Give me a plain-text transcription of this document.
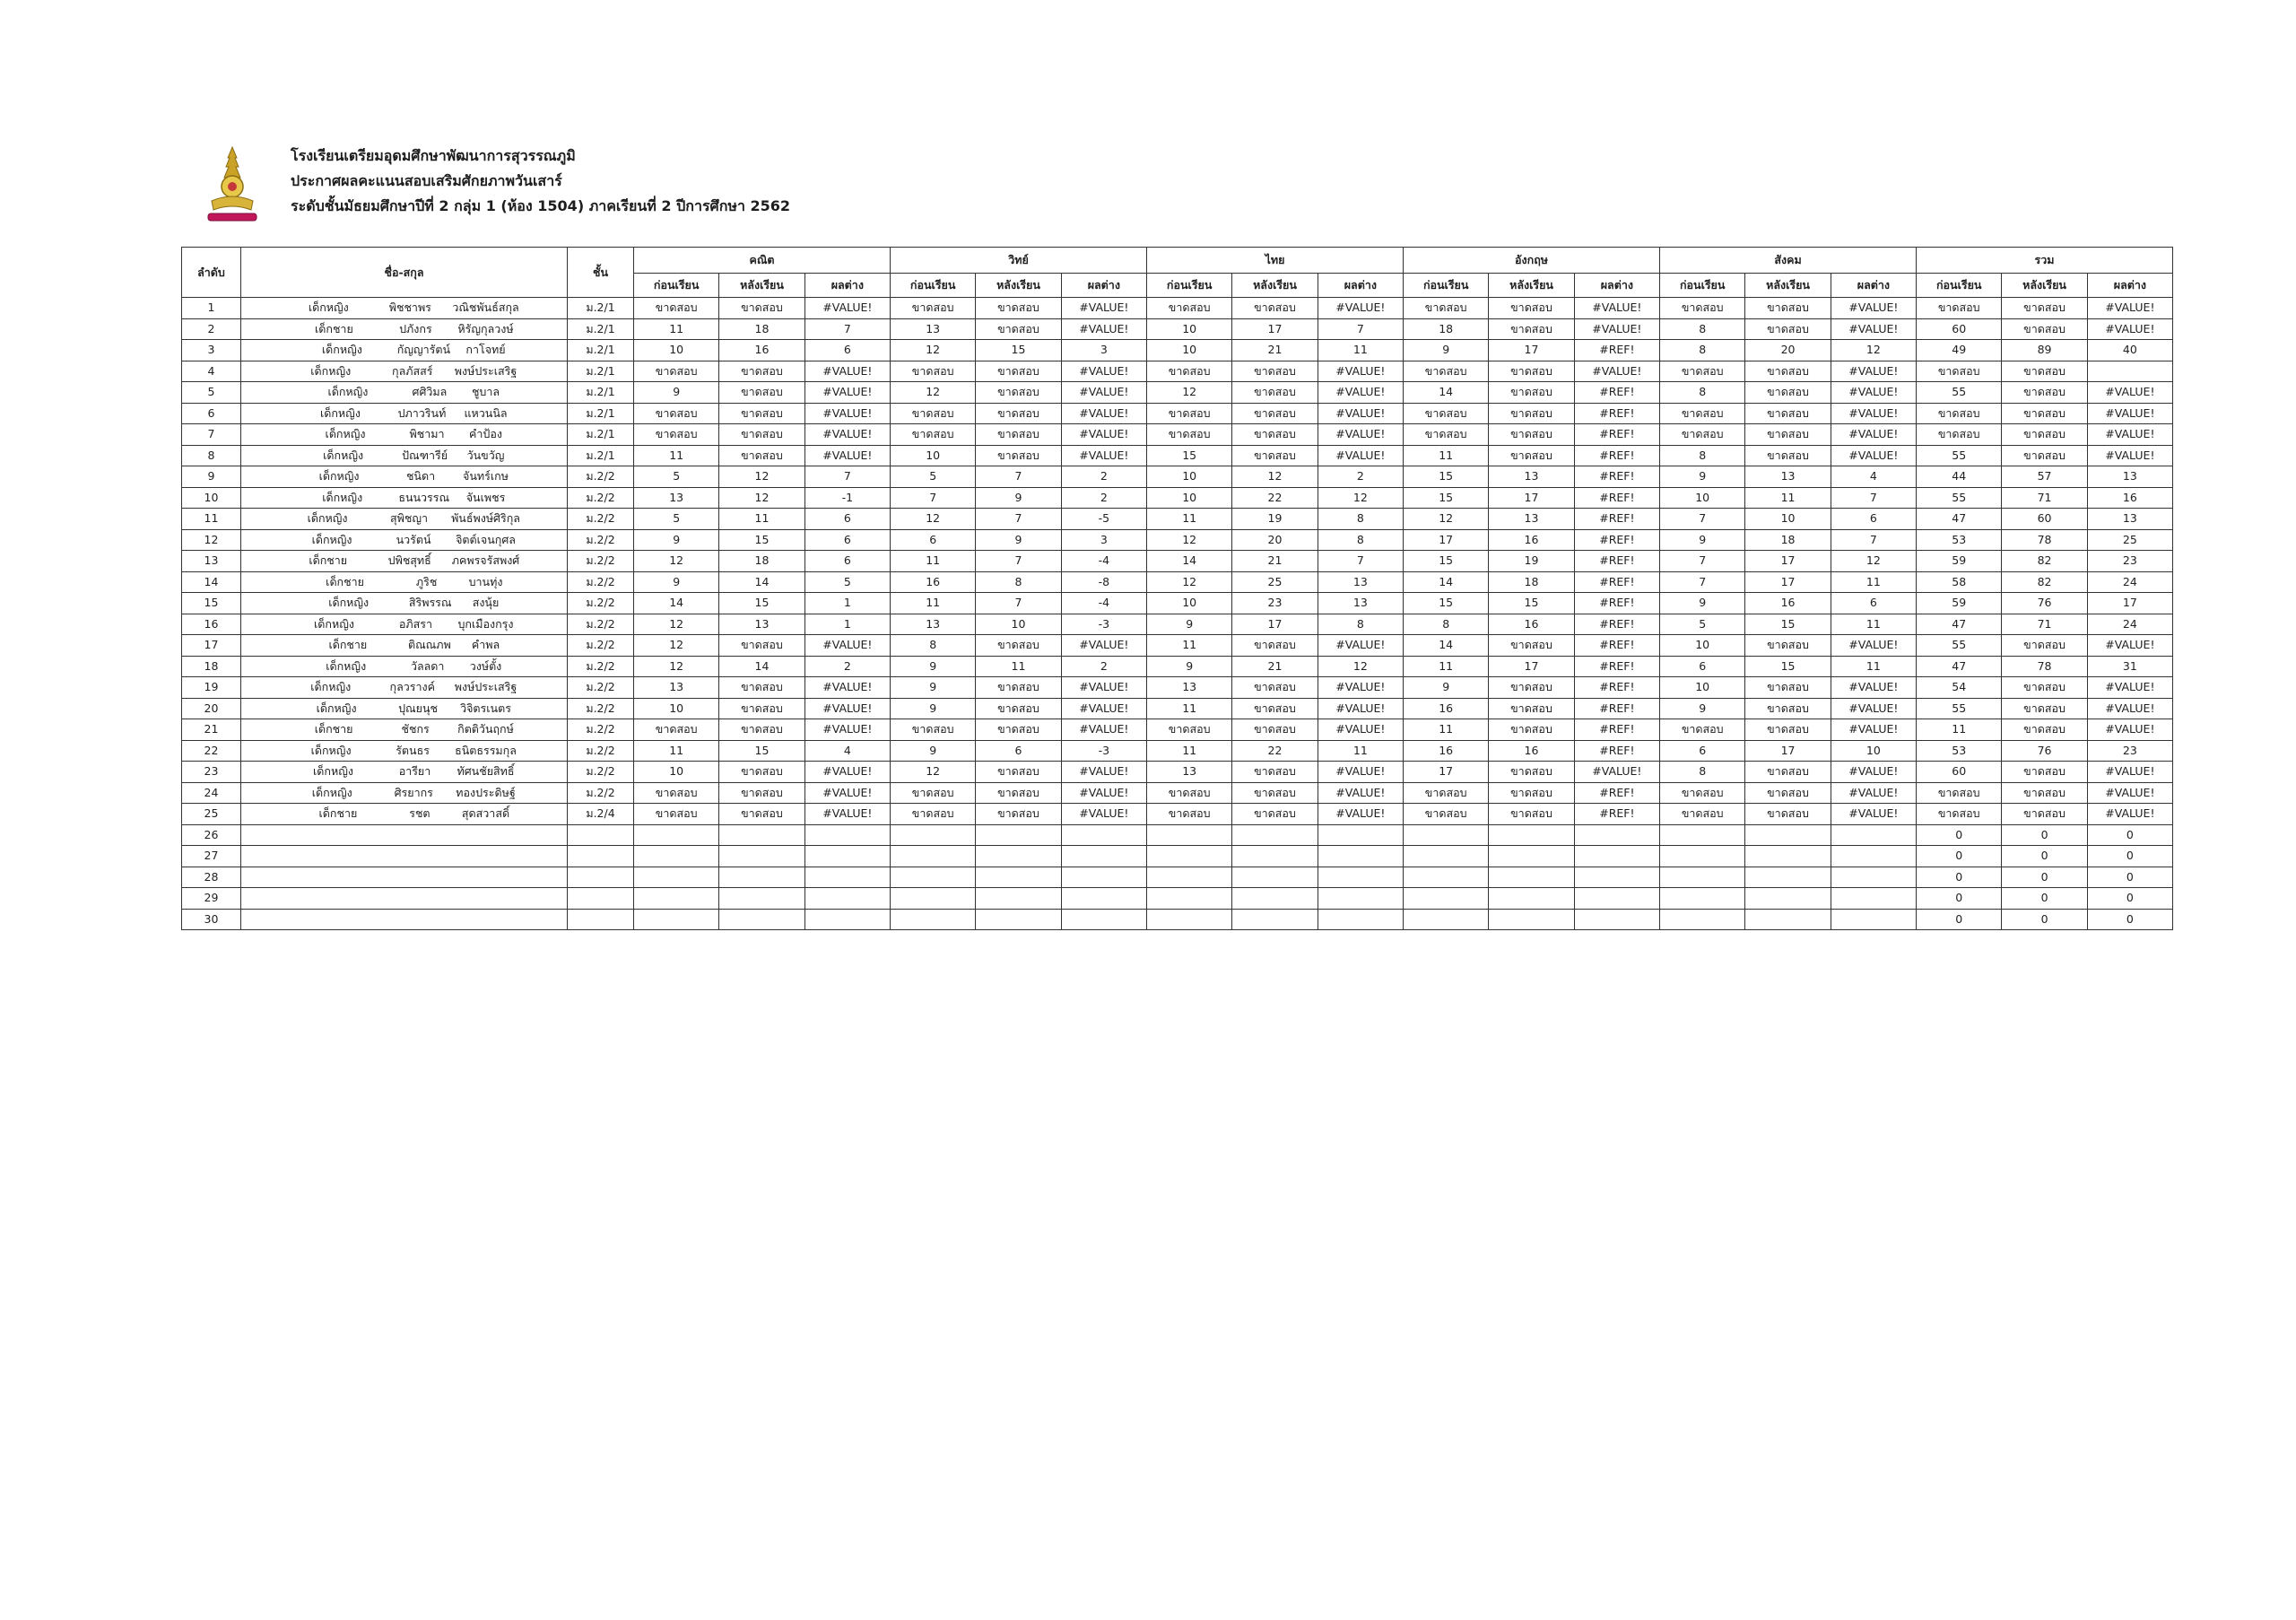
โรงเรียนเตรียมอุดมศึกษาพัฒนาการสุวรรณภูมิ
ประกาศผลคะแนนสอบเสริมศักยภาพวันเสาร์
ระดับชั้นมัธยมศึกษาปีที่ 2 กลุ่ม 1 (ห้อง 1504) ภาคเรียนที่ 2 ปีการศึกษา 2562
ลำดับ	ชื่อ-สกุล	ชั้น	คณิต			วิทย์			ไทย			อังกฤษ			สังคม			รวม		
			ก่อนเรียน	หลังเรียน	ผลต่าง	ก่อนเรียน	หลังเรียน	ผลต่าง	ก่อนเรียน	หลังเรียน	ผลต่าง	ก่อนเรียน	หลังเรียน	ผลต่าง	ก่อนเรียน	หลังเรียน	ผลต่าง	ก่อนเรียน	หลังเรียน	ผลต่าง
1	เด็กหญิง พิชชาพร วณิชพันธ์สกุล	ม.2/1	ขาดสอบ	ขาดสอบ	#VALUE!	ขาดสอบ	ขาดสอบ	#VALUE!	ขาดสอบ	ขาดสอบ	#VALUE!	ขาดสอบ	ขาดสอบ	#VALUE!	ขาดสอบ	ขาดสอบ	#VALUE!	ขาดสอบ	ขาดสอบ	#VALUE!
2	เด็กชาย ปภังกร หิรัญกุลวงษ์	ม.2/1	11	18	7	13	ขาดสอบ	#VALUE!	10	17	7	18	ขาดสอบ	#VALUE!	8	ขาดสอบ	#VALUE!	60	ขาดสอบ	#VALUE!
3	เด็กหญิง กัญญารัตน์ กาโจทย์	ม.2/1	10	16	6	12	15	3	10	21	11	9	17	#REF!	8	20	12	49	89	40
4	เด็กหญิง กุลภัสสร์ พงษ์ประเสริฐ	ม.2/1	ขาดสอบ	ขาดสอบ	#VALUE!	ขาดสอบ	ขาดสอบ	#VALUE!	ขาดสอบ	ขาดสอบ	#VALUE!	ขาดสอบ	ขาดสอบ	#VALUE!	ขาดสอบ	ขาดสอบ	#VALUE!	ขาดสอบ	ขาดสอบ	
5	เด็กหญิง ศศิวิมล ชูบาล	ม.2/1	9	ขาดสอบ	#VALUE!	12	ขาดสอบ	#VALUE!	12	ขาดสอบ	#VALUE!	14	ขาดสอบ	#REF!	8	ขาดสอบ	#VALUE!	55	ขาดสอบ	#VALUE!
6	เด็กหญิง ปภาวรินท์ แหวนนิล	ม.2/1	ขาดสอบ	ขาดสอบ	#VALUE!	ขาดสอบ	ขาดสอบ	#VALUE!	ขาดสอบ	ขาดสอบ	#VALUE!	ขาดสอบ	ขาดสอบ	#REF!	ขาดสอบ	ขาดสอบ	#VALUE!	ขาดสอบ	ขาดสอบ	#VALUE!
7	เด็กหญิง พิชามา คำป้อง	ม.2/1	ขาดสอบ	ขาดสอบ	#VALUE!	ขาดสอบ	ขาดสอบ	#VALUE!	ขาดสอบ	ขาดสอบ	#VALUE!	ขาดสอบ	ขาดสอบ	#REF!	ขาดสอบ	ขาดสอบ	#VALUE!	ขาดสอบ	ขาดสอบ	#VALUE!
8	เด็กหญิง ปัณฑารีย์ วันขวัญ	ม.2/1	11	ขาดสอบ	#VALUE!	10	ขาดสอบ	#VALUE!	15	ขาดสอบ	#VALUE!	11	ขาดสอบ	#REF!	8	ขาดสอบ	#VALUE!	55	ขาดสอบ	#VALUE!
9	เด็กหญิง ชนิดา จันทร์เกษ	ม.2/2	5	12	7	5	7	2	10	12	2	15	13	#REF!	9	13	4	44	57	13
10	เด็กหญิง ธนนวรรณ จันเพชร	ม.2/2	13	12	-1	7	9	2	10	22	12	15	17	#REF!	10	11	7	55	71	16
11	เด็กหญิง สุพิชญา พันธ์พงษ์ศิริกุล	ม.2/2	5	11	6	12	7	-5	11	19	8	12	13	#REF!	7	10	6	47	60	13
12	เด็กหญิง นวรัตน์ จิตต์เจนกุศล	ม.2/2	9	15	6	6	9	3	12	20	8	17	16	#REF!	9	18	7	53	78	25
13	เด็กชาย ปพิชสุทธิ์ ภคพรจรัสพงศ์	ม.2/2	12	18	6	11	7	-4	14	21	7	15	19	#REF!	7	17	12	59	82	23
14	เด็กชาย ภูริช บานทุ่ง	ม.2/2	9	14	5	16	8	-8	12	25	13	14	18	#REF!	7	17	11	58	82	24
15	เด็กหญิง สิริพรรณ สงนุ้ย	ม.2/2	14	15	1	11	7	-4	10	23	13	15	15	#REF!	9	16	6	59	76	17
16	เด็กหญิง อภิสรา บุกเมืองกรุง	ม.2/2	12	13	1	13	10	-3	9	17	8	8	16	#REF!	5	15	11	47	71	24
17	เด็กชาย ติณณภพ คำพล	ม.2/2	12	ขาดสอบ	#VALUE!	8	ขาดสอบ	#VALUE!	11	ขาดสอบ	#VALUE!	14	ขาดสอบ	#REF!	10	ขาดสอบ	#VALUE!	55	ขาดสอบ	#VALUE!
18	เด็กหญิง วัลลดา วงษ์ตั้ง	ม.2/2	12	14	2	9	11	2	9	21	12	11	17	#REF!	6	15	11	47	78	31
19	เด็กหญิง กุลวรางค์ พงษ์ประเสริฐ	ม.2/2	13	ขาดสอบ	#VALUE!	9	ขาดสอบ	#VALUE!	13	ขาดสอบ	#VALUE!	9	ขาดสอบ	#REF!	10	ขาดสอบ	#VALUE!	54	ขาดสอบ	#VALUE!
20	เด็กหญิง ปุณยนุช วิจิตรเนตร	ม.2/2	10	ขาดสอบ	#VALUE!	9	ขาดสอบ	#VALUE!	11	ขาดสอบ	#VALUE!	16	ขาดสอบ	#REF!	9	ขาดสอบ	#VALUE!	55	ขาดสอบ	#VALUE!
21	เด็กชาย ชัชกร กิตติวันฤกษ์	ม.2/2	ขาดสอบ	ขาดสอบ	#VALUE!	ขาดสอบ	ขาดสอบ	#VALUE!	ขาดสอบ	ขาดสอบ	#VALUE!	11	ขาดสอบ	#REF!	ขาดสอบ	ขาดสอบ	#VALUE!	11	ขาดสอบ	#VALUE!
22	เด็กหญิง รัตนธร ธนิตธรรมกุล	ม.2/2	11	15	4	9	6	-3	11	22	11	16	16	#REF!	6	17	10	53	76	23
23	เด็กหญิง อารียา ทัศนชัยสิทธิ์	ม.2/2	10	ขาดสอบ	#VALUE!	12	ขาดสอบ	#VALUE!	13	ขาดสอบ	#VALUE!	17	ขาดสอบ	#VALUE!	8	ขาดสอบ	#VALUE!	60	ขาดสอบ	#VALUE!
24	เด็กหญิง ศิรยากร ทองประดิษฐ์	ม.2/2	ขาดสอบ	ขาดสอบ	#VALUE!	ขาดสอบ	ขาดสอบ	#VALUE!	ขาดสอบ	ขาดสอบ	#VALUE!	ขาดสอบ	ขาดสอบ	#REF!	ขาดสอบ	ขาดสอบ	#VALUE!	ขาดสอบ	ขาดสอบ	#VALUE!
25	เด็กชาย รชต สุดสวาสดิ์	ม.2/4	ขาดสอบ	ขาดสอบ	#VALUE!	ขาดสอบ	ขาดสอบ	#VALUE!	ขาดสอบ	ขาดสอบ	#VALUE!	ขาดสอบ	ขาดสอบ	#REF!	ขาดสอบ	ขาดสอบ	#VALUE!	ขาดสอบ	ขาดสอบ	#VALUE!
26																		0	0	0
27																		0	0	0
28																		0	0	0
29																		0	0	0
30																		0	0	0
